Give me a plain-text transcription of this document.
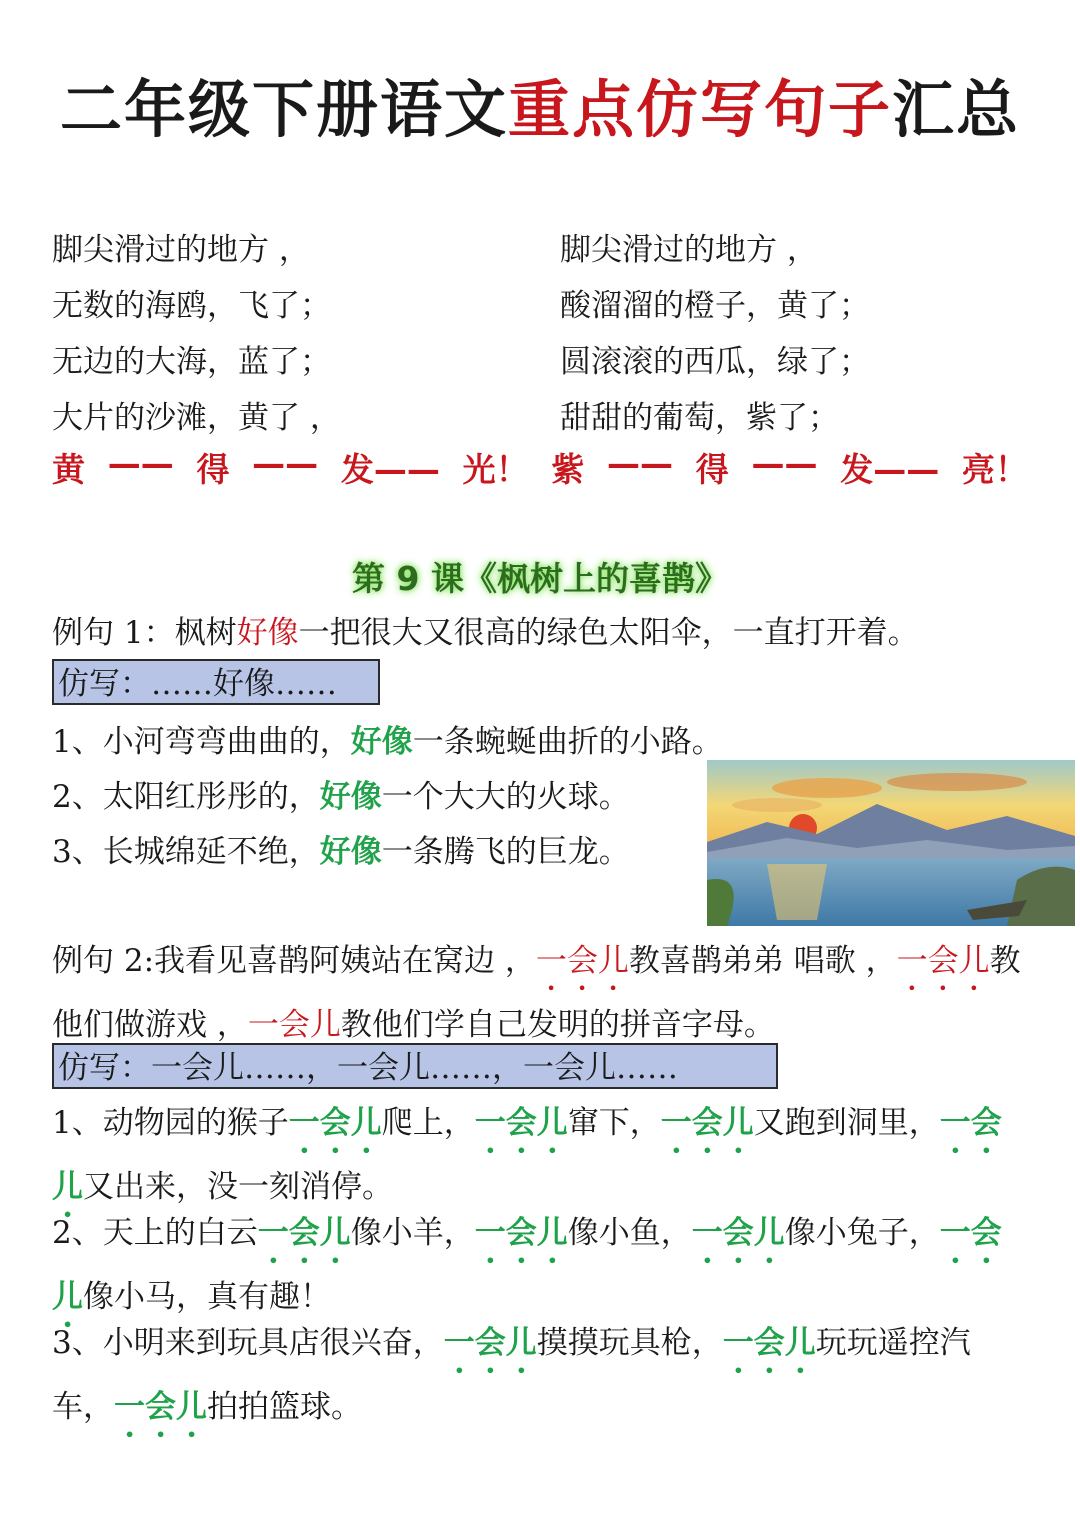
二年级下册语文重点仿写句子汇总
脚尖滑过的地方 ，
无数的海鸥，飞了；
无边的大海，蓝了；
大片的沙滩，黄了 ，
脚尖滑过的地方 ，
酸溜溜的橙子，黄了；
圆滚滚的西瓜，绿了；
甜甜的葡萄，紫了；
黄 —— 得 —— 发—— 光！ 紫 —— 得 —— 发—— 亮！
第 9 课《枫树上的喜鹊》
例句 1：枫树好像一把很大又很高的绿色太阳伞，一直打开着。
仿写：……好像……
1、小河弯弯曲曲的，好像一条蜿蜒曲折的小路。
2、太阳红彤彤的，好像一个大大的火球。
3、长城绵延不绝，好像一条腾飞的巨龙。
例句 2:我看见喜鹊阿姨站在窝边 ，一会儿教喜鹊弟弟 唱歌 ，一会儿教他们做游戏 ，一会儿教他们学自己发明的拼音字母。
仿写：一会儿……，一会儿……，一会儿……
1、动物园的猴子一会儿爬上，一会儿窜下，一会儿又跑到洞里，一会儿又出来，没一刻消停。
2、天上的白云一会儿像小羊，一会儿像小鱼，一会儿像小兔子，一会儿像小马，真有趣！
3、小明来到玩具店很兴奋，一会儿摸摸玩具枪，一会儿玩玩遥控汽车，一会儿拍拍篮球。
